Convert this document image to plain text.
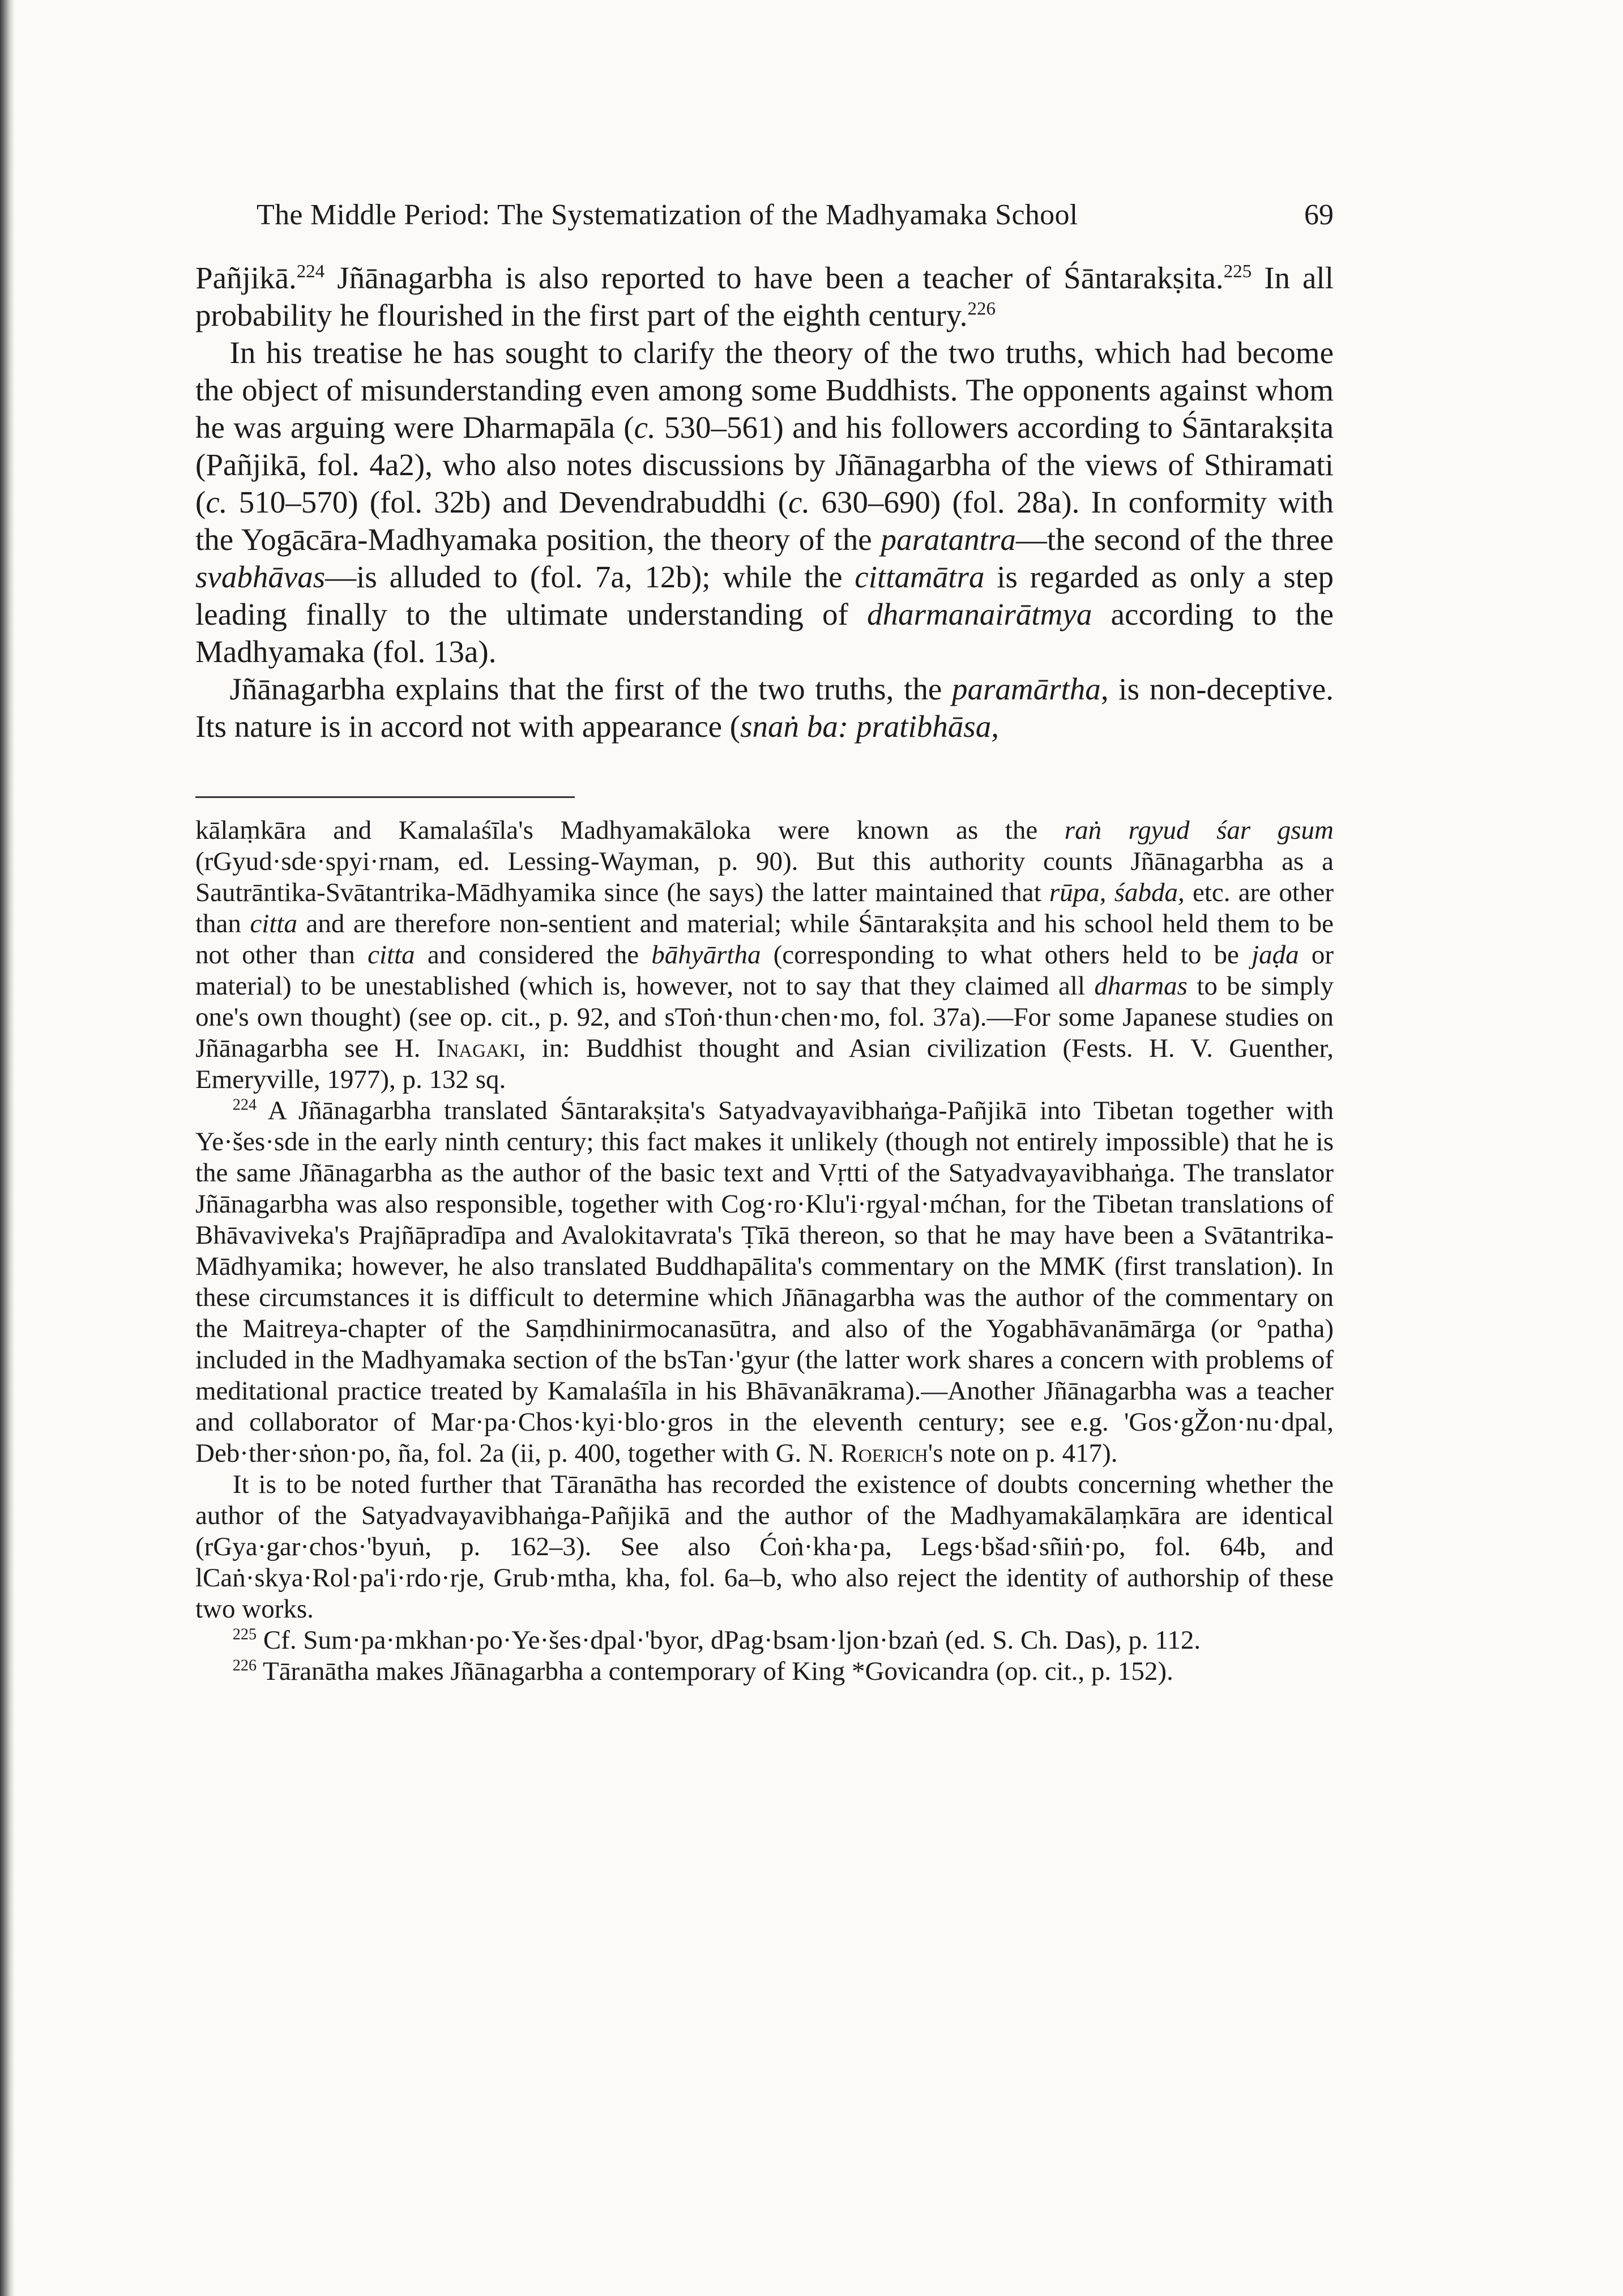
The Middle Period: The Systematization of the Madhyamaka School	69

Pañjikā.$^{224}$ Jñānagarbha is also reported to have been a teacher of Śāntarakṣita.$^{225}$ In all probability he flourished in the first part of the eighth century.$^{226}$

In his treatise he has sought to clarify the theory of the two truths, which had become the object of misunderstanding even among some Buddhists. The opponents against whom he was arguing were Dharmapāla (c. 530–561) and his followers according to Śāntarakṣita (Pañjikā, fol. 4a2), who also notes discussions by Jñānagarbha of the views of Sthiramati (c. 510–570) (fol. 32b) and Devendrabuddhi (c. 630–690) (fol. 28a). In conformity with the Yogācāra-Madhyamaka position, the theory of the paratantra—the second of the three svabhāvas—is alluded to (fol. 7a, 12b); while the cittamātra is regarded as only a step leading finally to the ultimate understanding of dharmanairātmya according to the Madhyamaka (fol. 13a).

Jñānagarbha explains that the first of the two truths, the paramārtha, is non-deceptive. Its nature is in accord not with appearance (snaṅ ba: pratibhāsa,

kālaṃkāra and Kamalaśīla's Madhyamakāloka were known as the raṅ rgyud śar gsum (rGyud·sde·spyi·rnam, ed. Lessing-Wayman, p. 90). But this authority counts Jñānagarbha as a Sautrāntika-Svātantrika-Mādhyamika since (he says) the latter maintained that rūpa, śabda, etc. are other than citta and are therefore non-sentient and material; while Śāntarakṣita and his school held them to be not other than citta and considered the bāhyārtha (corresponding to what others held to be jaḍa or material) to be unestablished (which is, however, not to say that they claimed all dharmas to be simply one's own thought) (see op. cit., p. 92, and sToṅ·thun·chen·mo, fol. 37a).—For some Japanese studies on Jñānagarbha see H. Inagaki, in: Buddhist thought and Asian civilization (Fests. H. V. Guenther, Emeryville, 1977), p. 132 sq.

$^{224}$ A Jñānagarbha translated Śāntarakṣita's Satyadvayavibhaṅga-Pañjikā into Tibetan together with Ye·šes·sde in the early ninth century; this fact makes it unlikely (though not entirely impossible) that he is the same Jñānagarbha as the author of the basic text and Vṛtti of the Satyadvayavibhaṅga. The translator Jñānagarbha was also responsible, together with Cog·ro·Klu'i·rgyal·mćhan, for the Tibetan translations of Bhāvaviveka's Prajñāpradīpa and Avalokitavrata's Ṭīkā thereon, so that he may have been a Svātantrika-Mādhyamika; however, he also translated Buddhapālita's commentary on the MMK (first translation). In these circumstances it is difficult to determine which Jñānagarbha was the author of the commentary on the Maitreya-chapter of the Saṃdhinirmocanasūtra, and also of the Yogabhāvanāmārga (or °patha) included in the Madhyamaka section of the bsTan·'gyur (the latter work shares a concern with problems of meditational practice treated by Kamalaśīla in his Bhāvanākrama).—Another Jñānagarbha was a teacher and collaborator of Mar·pa·Chos·kyi·blo·gros in the eleventh century; see e.g. 'Gos·gŽon·nu·dpal, Deb·ther·sṅon·po, ña, fol. 2a (ii, p. 400, together with G. N. Roerich's note on p. 417).

It is to be noted further that Tāranātha has recorded the existence of doubts concerning whether the author of the Satyadvayavibhaṅga-Pañjikā and the author of the Madhyamakālaṃkāra are identical (rGya·gar·chos·'byuṅ, p. 162–3). See also Ćoṅ·kha·pa, Legs·bšad·sñiṅ·po, fol. 64b, and lCaṅ·skya·Rol·pa'i·rdo·rje, Grub·mtha, kha, fol. 6a–b, who also reject the identity of authorship of these two works.

$^{225}$ Cf. Sum·pa·mkhan·po·Ye·šes·dpal·'byor, dPag·bsam·ljon·bzaṅ (ed. S. Ch. Das), p. 112.

$^{226}$ Tāranātha makes Jñānagarbha a contemporary of King *Govicandra (op. cit., p. 152).
